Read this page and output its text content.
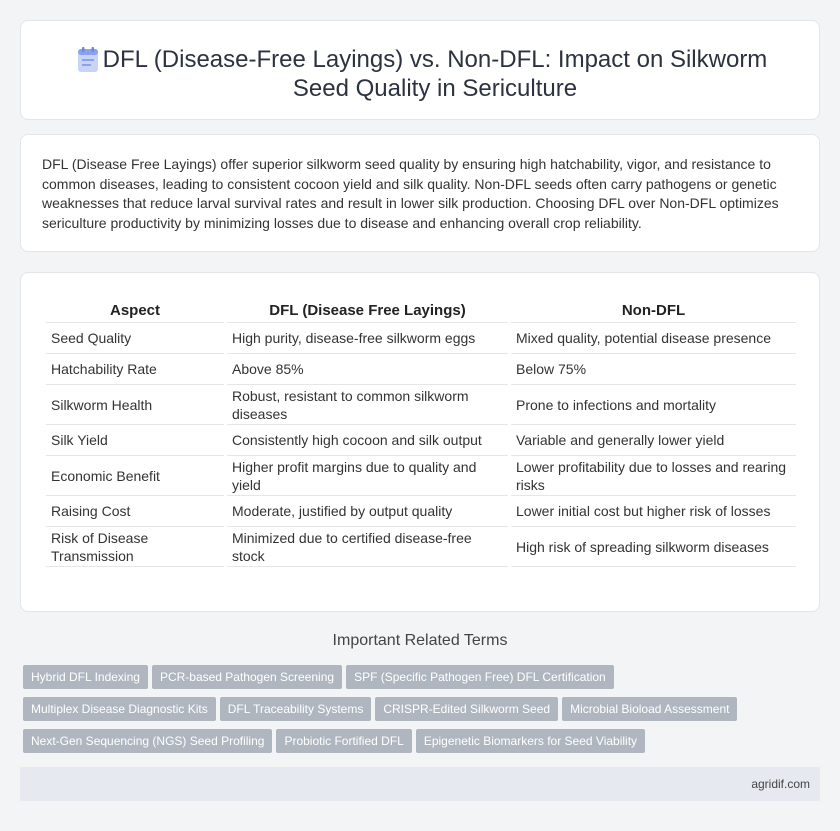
DFL (Disease-Free Layings) vs. Non-DFL: Impact on Silkworm Seed Quality in Sericulture

DFL (Disease Free Layings) offer superior silkworm seed quality by ensuring high hatchability, vigor, and resistance to common diseases, leading to consistent cocoon yield and silk quality. Non-DFL seeds often carry pathogens or genetic weaknesses that reduce larval survival rates and result in lower silk production. Choosing DFL over Non-DFL optimizes sericulture productivity by minimizing losses due to disease and enhancing overall crop reliability.

Aspect	DFL (Disease Free Layings)	Non-DFL
Seed Quality	High purity, disease-free silkworm eggs	Mixed quality, potential disease presence
Hatchability Rate	Above 85%	Below 75%
Silkworm Health	Robust, resistant to common silkworm diseases	Prone to infections and mortality
Silk Yield	Consistently high cocoon and silk output	Variable and generally lower yield
Economic Benefit	Higher profit margins due to quality and yield	Lower profitability due to losses and rearing risks
Raising Cost	Moderate, justified by output quality	Lower initial cost but higher risk of losses
Risk of Disease Transmission	Minimized due to certified disease-free stock	High risk of spreading silkworm diseases
Important Related Terms
Hybrid DFL Indexing PCR-based Pathogen Screening SPF (Specific Pathogen Free) DFL CertificationMultiplex Disease Diagnostic Kits DFL Traceability Systems CRISPR-Edited Silkworm Seed Microbial Bioload AssessmentNext-Gen Sequencing (NGS) Seed Profiling Probiotic Fortified DFL Epigenetic Biomarkers for Seed Viability
agridif.com
